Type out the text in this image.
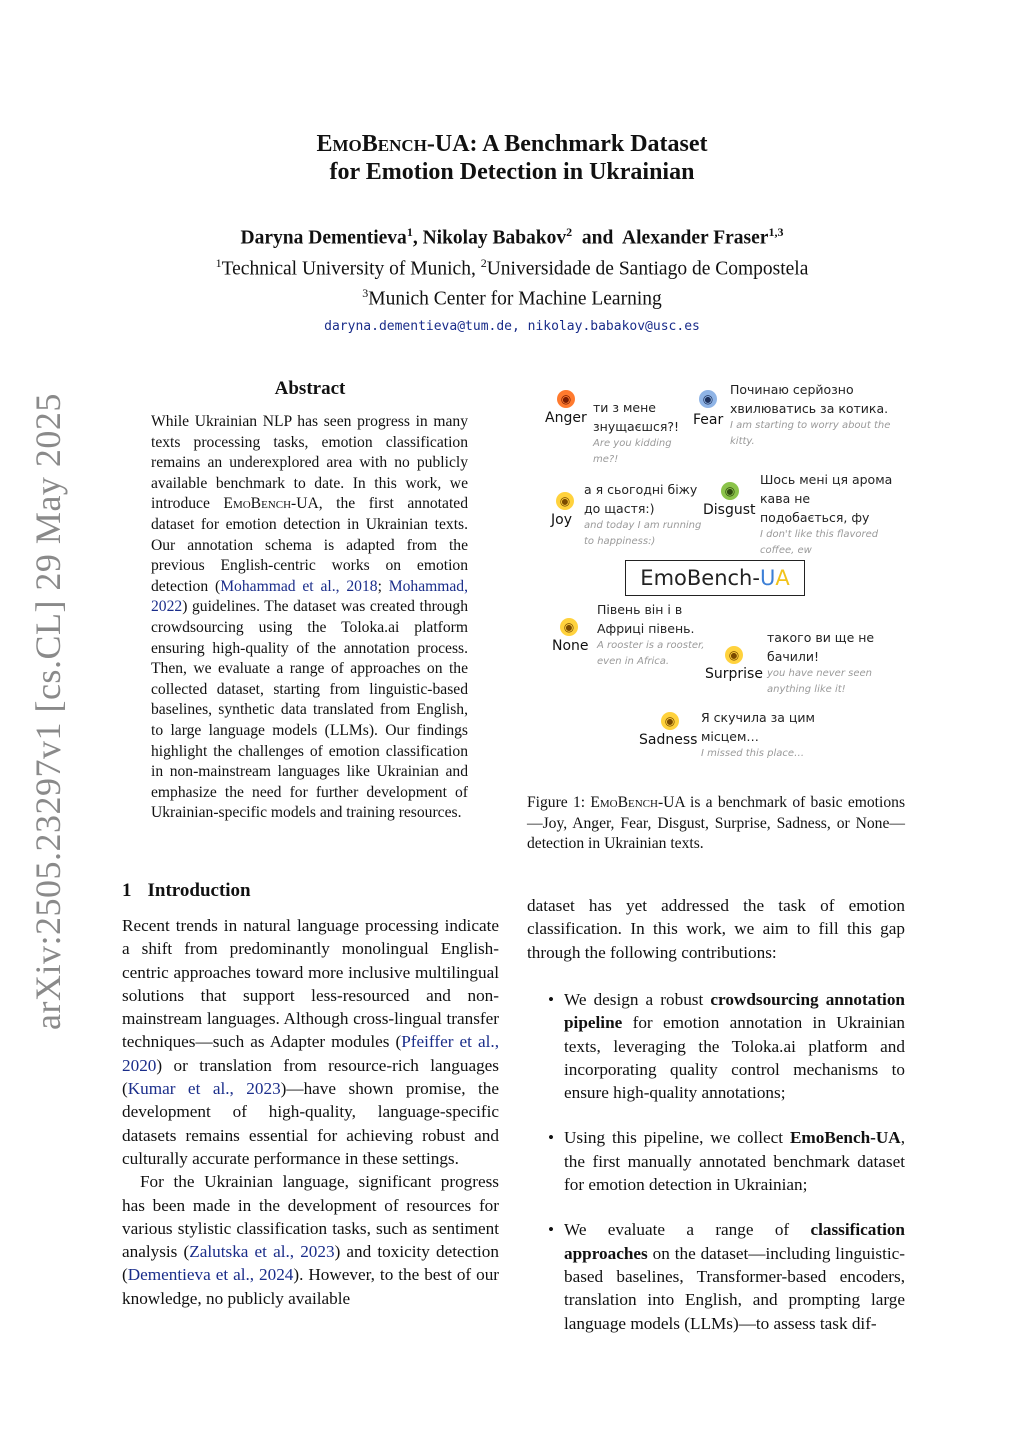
arXiv:2505.23297v1 [cs.CL] 29 May 2025
EmoBench-UA: A Benchmark Dataset
for Emotion Detection in Ukrainian
Daryna Dementieva$^1$, Nikolay Babakov$^2$ and Alexander Fraser$^{1,3}$
$^1$Technical University of Munich, $^2$Universidade de Santiago de Compostela
$^3$Munich Center for Machine Learning
daryna.dementieva@tum.de, nikolay.babakov@usc.es
Abstract
While Ukrainian NLP has seen progress in many texts processing tasks, emotion classification remains an underexplored area with no publicly available benchmark to date. In this work, we introduce EmoBench-UA, the first annotated dataset for emotion detection in Ukrainian texts. Our annotation schema is adapted from the previous English-centric works on emotion detection (Mohammad et al., 2018; Mohammad, 2022) guidelines. The dataset was created through crowdsourcing using the Toloka.ai platform ensuring high-quality of the annotation process. Then, we evaluate a range of approaches on the collected dataset, starting from linguistic-based baselines, synthetic data translated from English, to large language models (LLMs). Our findings highlight the challenges of emotion classification in non-mainstream languages like Ukrainian and emphasize the need for further development of Ukrainian-specific models and training resources.
◉
Anger
ти з мене знущаєшся?!
Are you kidding me?!
◉
Fear
Починаю серйозно хвилюватись за котика.
I am starting to worry about the kitty.
◉
Joy
а я сьогодні біжу до щастя:)
and today I am running to happiness:)
◉
Disgust
Шось мені ця арома кава не подобається, фу
I don't like this flavored coffee, ew
EmoBench-UA
◉
None
Півень він і в Африці півень.
A rooster is a rooster, even in Africa.	◉
Surprise
такого ви ще не бачили!
you have never seen anything like it!
◉
Sadness
Я скучила за цим місцем…
I missed this place…
Figure 1: EmoBench-UA is a benchmark of basic emotions—Joy, Anger, Fear, Disgust, Surprise, Sadness, or None—detection in Ukrainian texts.
1 Introduction

Recent trends in natural language processing indicate a shift from predominantly monolingual English-centric approaches toward more inclusive multilingual solutions that support less-resourced and non-mainstream languages. Although cross-lingual transfer techniques—such as Adapter modules (Pfeiffer et al., 2020) or translation from resource-rich languages (Kumar et al., 2023)—have shown promise, the development of high-quality, language-specific datasets remains essential for achieving robust and culturally accurate performance in these settings.

For the Ukrainian language, significant progress has been made in the development of resources for various stylistic classification tasks, such as sentiment analysis (Zalutska et al., 2023) and toxicity detection (Dementieva et al., 2024). However, to the best of our knowledge, no publicly available

dataset has yet addressed the task of emotion classification. In this work, we aim to fill this gap through the following contributions:

• We design a robust crowdsourcing annotation pipeline for emotion annotation in Ukrainian texts, leveraging the Toloka.ai platform and incorporating quality control mechanisms to ensure high-quality annotations;
• Using this pipeline, we collect EmoBench-UA, the first manually annotated benchmark dataset for emotion detection in Ukrainian;
• We evaluate a range of classification approaches on the dataset—including linguistic-based baselines, Transformer-based encoders, translation into English, and prompting large language models (LLMs)—to assess task dif-
